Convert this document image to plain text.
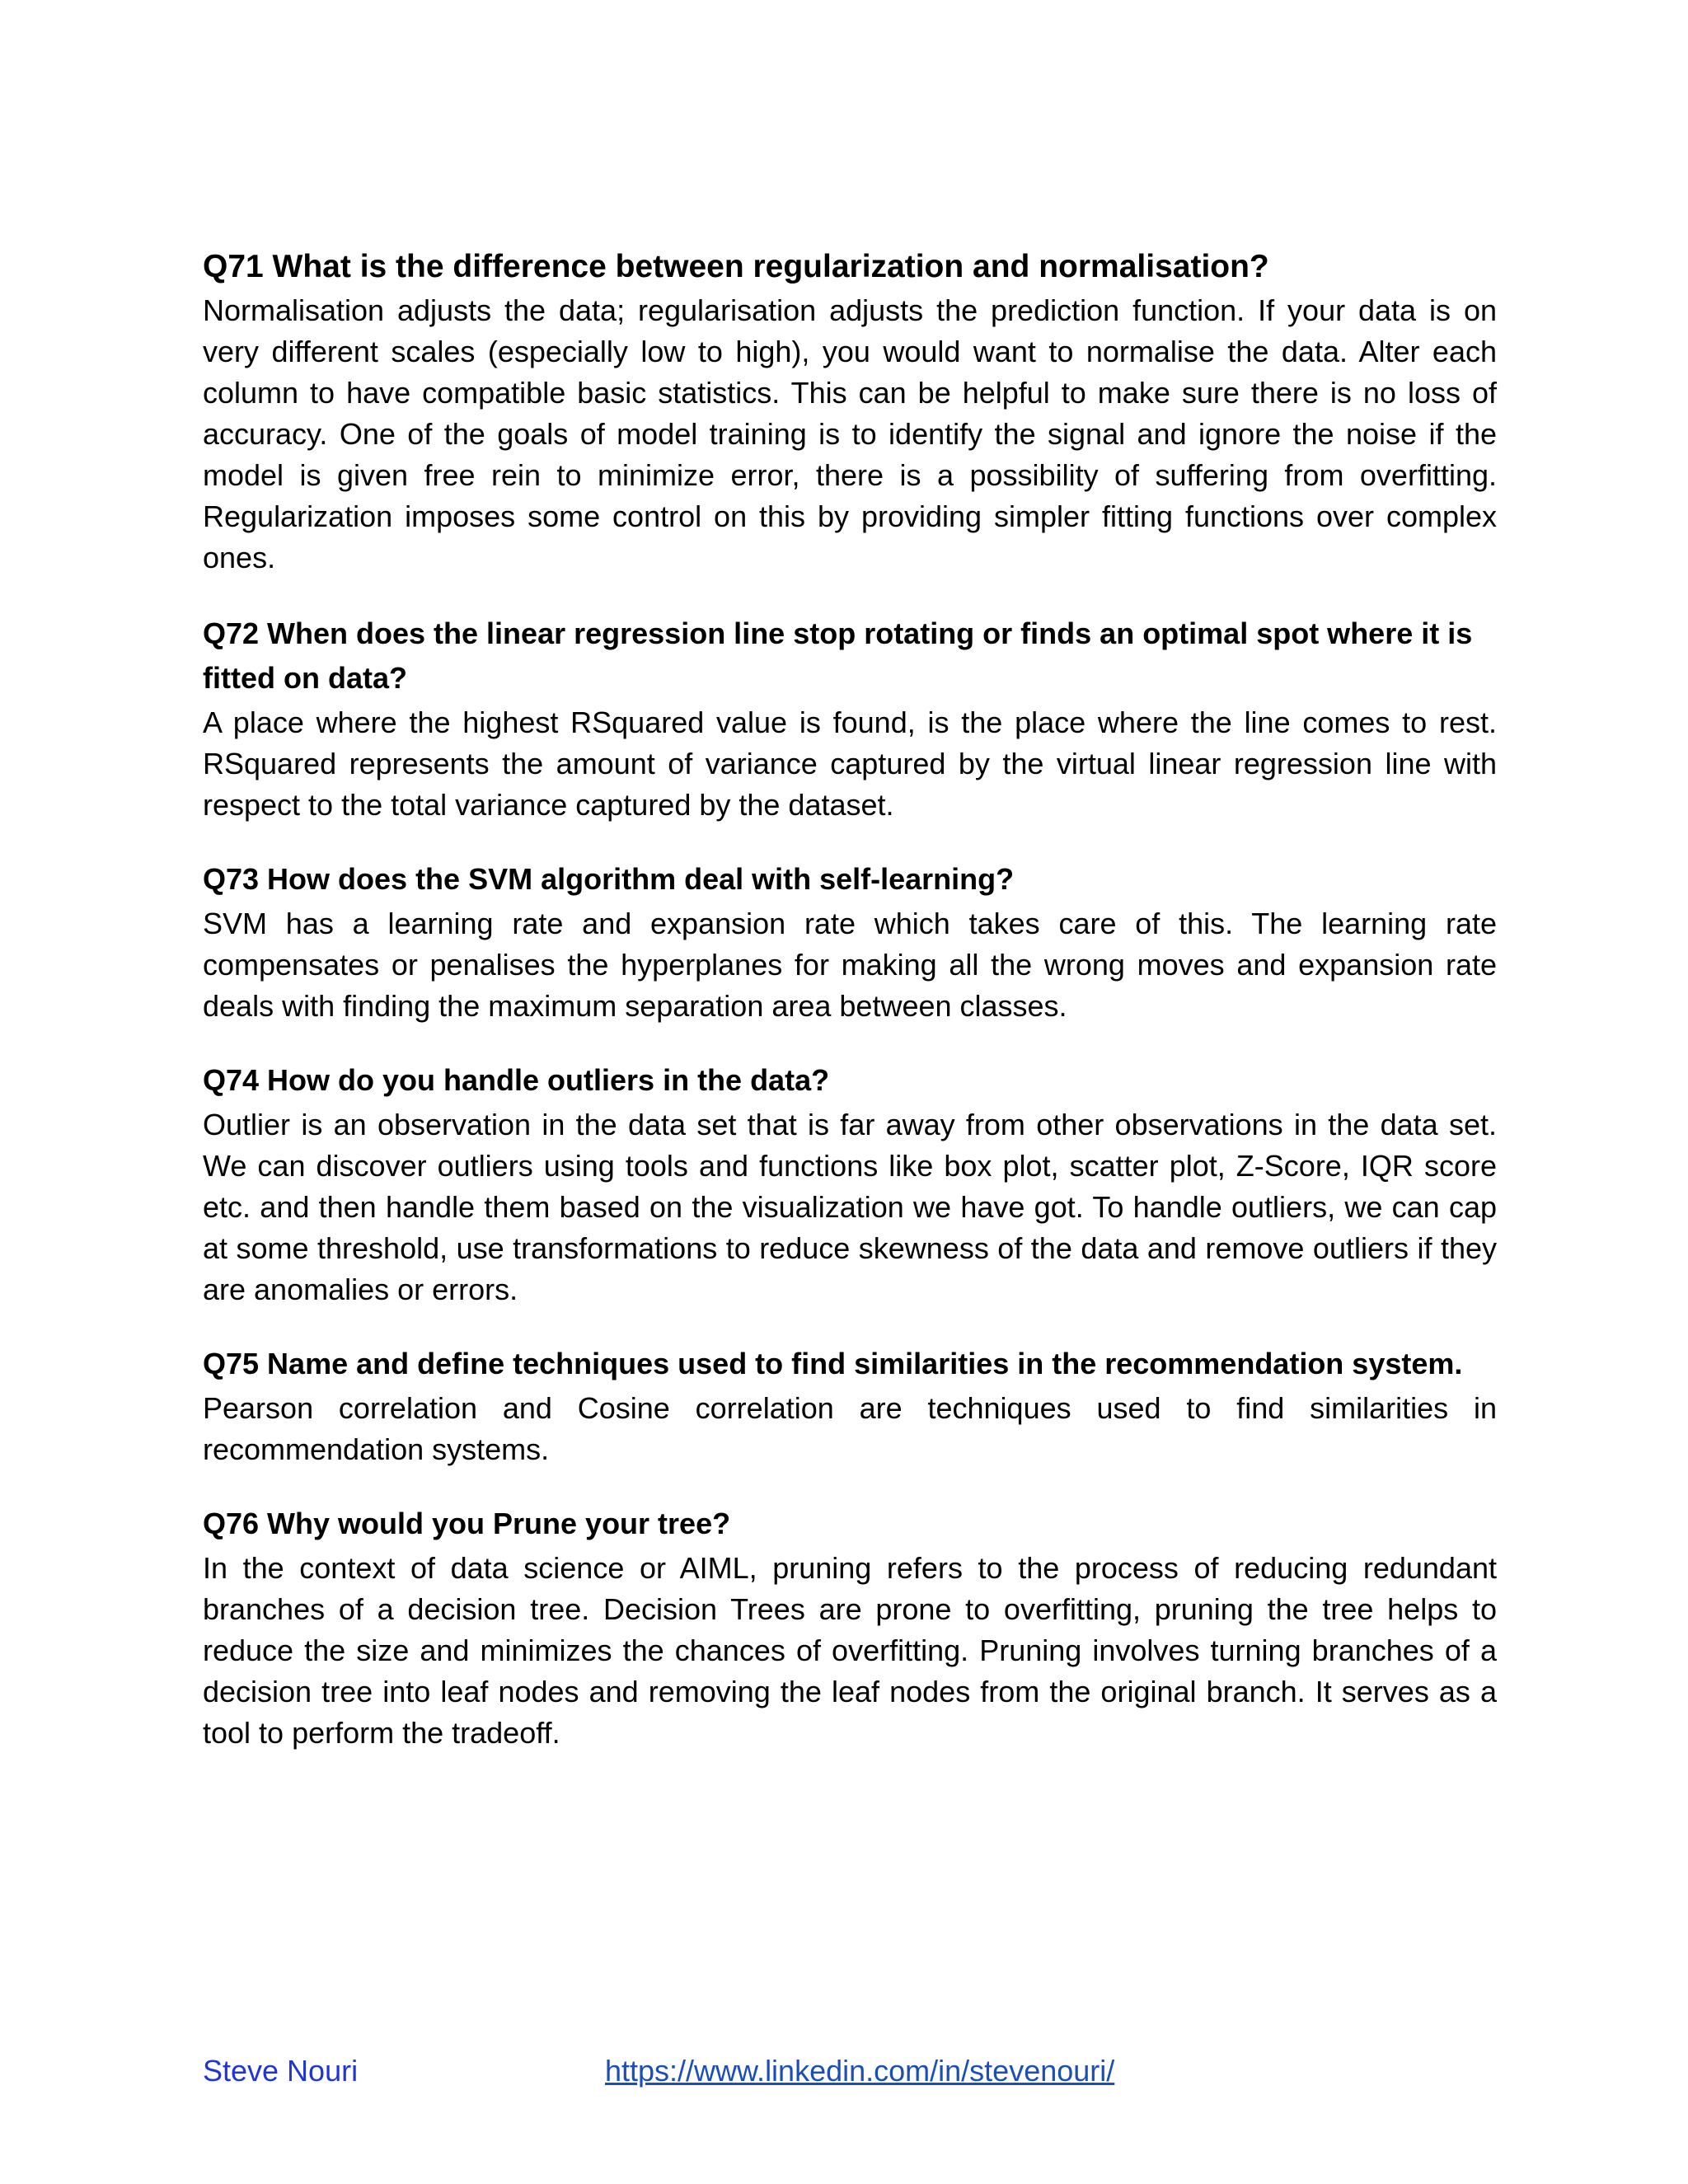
Q71 What is the difference between regularization and normalisation?

Normalisation adjusts the data; regularisation adjusts the prediction function. If your data is on very different scales (especially low to high), you would want to normalise the data. Alter each column to have compatible basic statistics. This can be helpful to make sure there is no loss of accuracy. One of the goals of model training is to identify the signal and ignore the noise if the model is given free rein to minimize error, there is a possibility of suffering from overfitting. Regularization imposes some control on this by providing simpler fitting functions over complex ones.

Q72 When does the linear regression line stop rotating or finds an optimal spot where it is fitted on data?

A place where the highest RSquared value is found, is the place where the line comes to rest. RSquared represents the amount of variance captured by the virtual linear regression line with respect to the total variance captured by the dataset.

Q73 How does the SVM algorithm deal with self-learning?

SVM has a learning rate and expansion rate which takes care of this. The learning rate compensates or penalises the hyperplanes for making all the wrong moves and expansion rate deals with finding the maximum separation area between classes.

Q74 How do you handle outliers in the data?

Outlier is an observation in the data set that is far away from other observations in the data set. We can discover outliers using tools and functions like box plot, scatter plot, Z-Score, IQR score etc. and then handle them based on the visualization we have got. To handle outliers, we can cap at some threshold, use transformations to reduce skewness of the data and remove outliers if they are anomalies or errors.

Q75 Name and define techniques used to find similarities in the recommendation system.

Pearson correlation and Cosine correlation are techniques used to find similarities in recommendation systems.

Q76 Why would you Prune your tree?

In the context of data science or AIML, pruning refers to the process of reducing redundant branches of a decision tree. Decision Trees are prone to overfitting, pruning the tree helps to reduce the size and minimizes the chances of overfitting. Pruning involves turning branches of a decision tree into leaf nodes and removing the leaf nodes from the original branch. It serves as a tool to perform the tradeoff.

Steve Nouri	https://www.linkedin.com/in/stevenouri/
